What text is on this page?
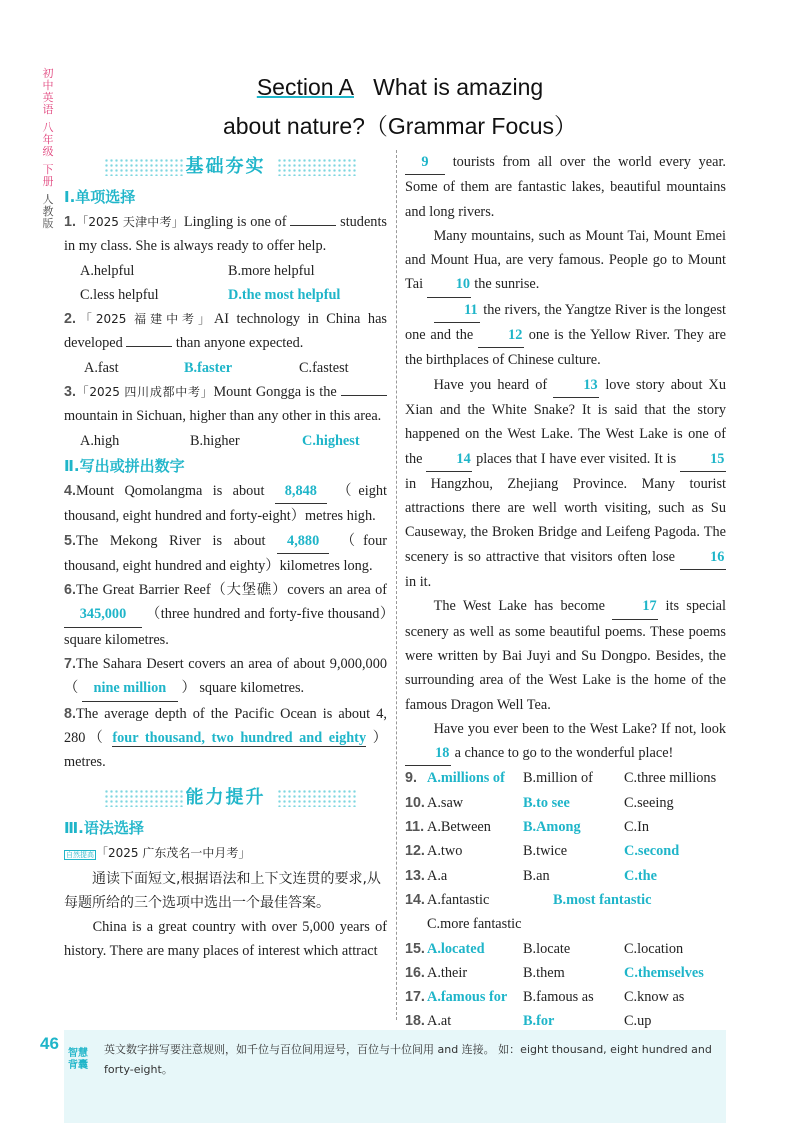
初中英语
八年级
下册
人教版
Section A What is amazing
about nature?（Grammar Focus）
基础夯实
Ⅰ.单项选择
1.「2025 天津中考」Lingling is one of	students in my class. She is always ready to offer help.
A.helpful	B.more helpful
C.less helpful	D.the most helpful
2.「2025 福建中考」AI technology in China has developed	than anyone expected.
A.fast	B.faster	C.fastest
3.「2025 四川成都中考」Mount Gongga is the  mountain in Sichuan, higher than any other in this area.
A.high	B.higher	C.highest
Ⅱ.写出或拼出数字
4.Mount Qomolangma is about 8,848 （eight thousand, eight hundred and forty-eight）metres high.
5.The Mekong River is about 4,880 （four thousand, eight hundred and eighty）kilometres long.
6.The Great Barrier Reef（大堡礁）covers an area of 345,000 （three hundred and forty-five thousand）square kilometres.
7.The Sahara Desert covers an area of about 9,000,000 （ nine million ） square kilometres.
8.The average depth of the Pacific Ocean is about 4, 280（ four thousand, two hundred and eighty ）metres.
能力提升
Ⅲ.语法选择
自然提高 「2025 广东茂名一中月考」
通读下面短文,根据语法和上下文连贯的要求,从每题所给的三个选项中选出一个最佳答案。
China is a great country with over 5,000 years of history. There are many places of interest which attract
9 tourists from all over the world every year. Some of them are fantastic lakes, beautiful mountains and long rivers.
Many mountains, such as Mount Tai, Mount Emei and Mount Hua, are very famous. People go to Mount Tai 10 the sunrise.
11 the rivers, the Yangtze River is the longest one and the 12 one is the Yellow River. They are the birthplaces of Chinese culture.
Have you heard of	13 love story about Xu Xian and the White Snake? It is said that the story happened on the West Lake. The West Lake is one of the 14 places that I have ever visited. It is 15 in Hangzhou, Zhejiang Province. Many tourist attractions there are well worth visiting, such as Su Causeway, the Broken Bridge and Leifeng Pagoda. The scenery is so attractive that visitors often lose 16 in it.
The West Lake has become	17 its special scenery as well as some beautiful poems. These poems were written by Bai Juyi and Su Dongpo. Besides, the surrounding area of the West Lake is the home of the famous Dragon Well Tea.
Have you ever been to the West Lake? If not, look 18 a chance to go to the wonderful place!
9. A.millions of	B.million of	C.three millions
10. A.saw	B.to see	C.seeing
11. A.Between	B.Among	C.In
12. A.two	B.twice	C.second
13. A.a	B.an	C.the
14. A.fantastic	B.most fantastic
C.more fantastic
15. A.located	B.locate	C.location
16. A.their	B.them	C.themselves
17. A.famous for	B.famous as	C.know as
18. A.at	B.for	C.up
46
智慧背囊
英文数字拼写要注意规则，如千位与百位间用逗号，百位与十位间用 and 连接。 如：eight thousand, eight hundred and forty-eight。
